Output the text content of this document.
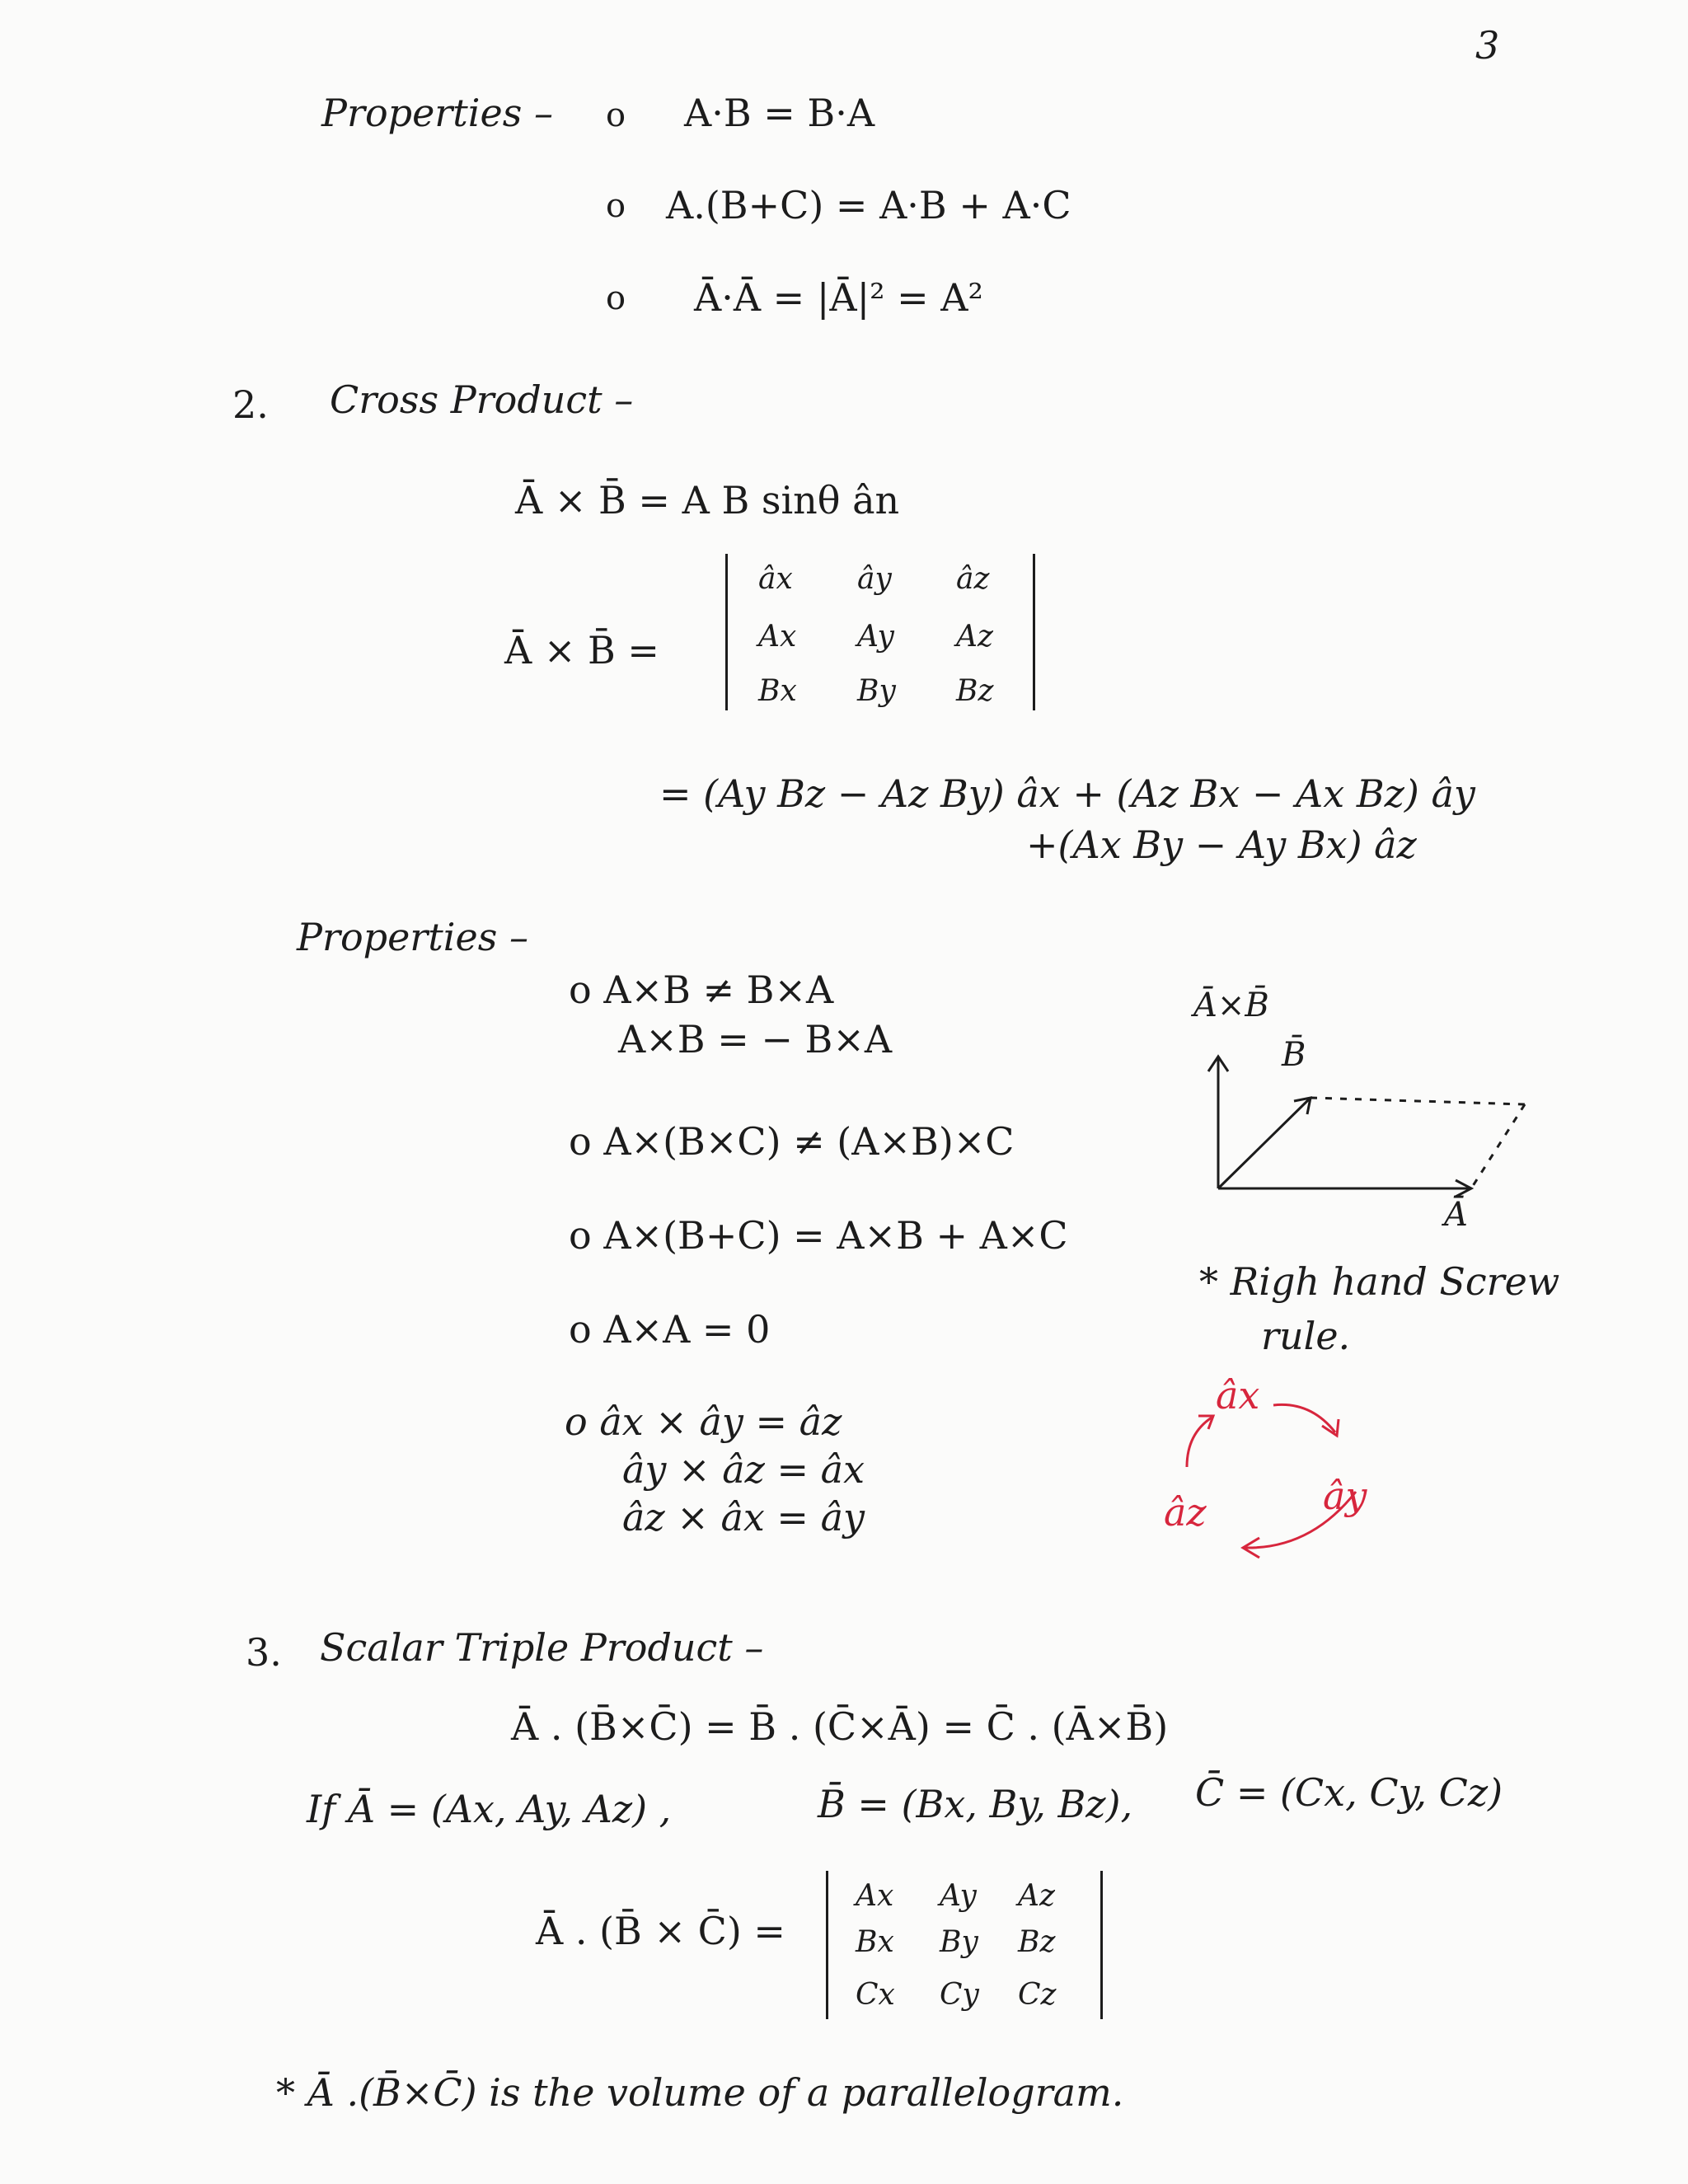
3
Properties – o
o
o
A·B = B·A
A.(B+C) = A·B + A·C
Ā·Ā = |Ā|² = A²
2. Cross Product –
Ā × B̄ = A B sinθ ân
Ā × B̄ =
âx ây âz
Ax Ay Az
Bx By Bz
= (Ay Bz − Az By) âx + (Az Bx − Ax Bz) ây
+(Ax By − Ay Bx) âz
Properties –
o A×B ≠ B×A
A×B = − B×A
o A×(B×C) ≠ (A×B)×C
o A×(B+C) = A×B + A×C
o A×A = 0
o âx × ây = âz
ây × âz = âx
âz × âx = ây
Ā×B̄
B̄
Ā
* Righ hand Screw
rule.
âx
ây
âz
3. Scalar Triple Product –
Ā . (B̄×C̄) = B̄ . (C̄×Ā) = C̄ . (Ā×B̄)
If Ā = (Ax, Ay, Az) ,	B̄ = (Bx, By, Bz), C̄ = (Cx, Cy, Cz)
Ā . (B̄ × C̄) =
Ax Ay Az
Bx By Bz
Cx Cy Cz
* Ā .(B̄×C̄) is the volume of a parallelogram.
